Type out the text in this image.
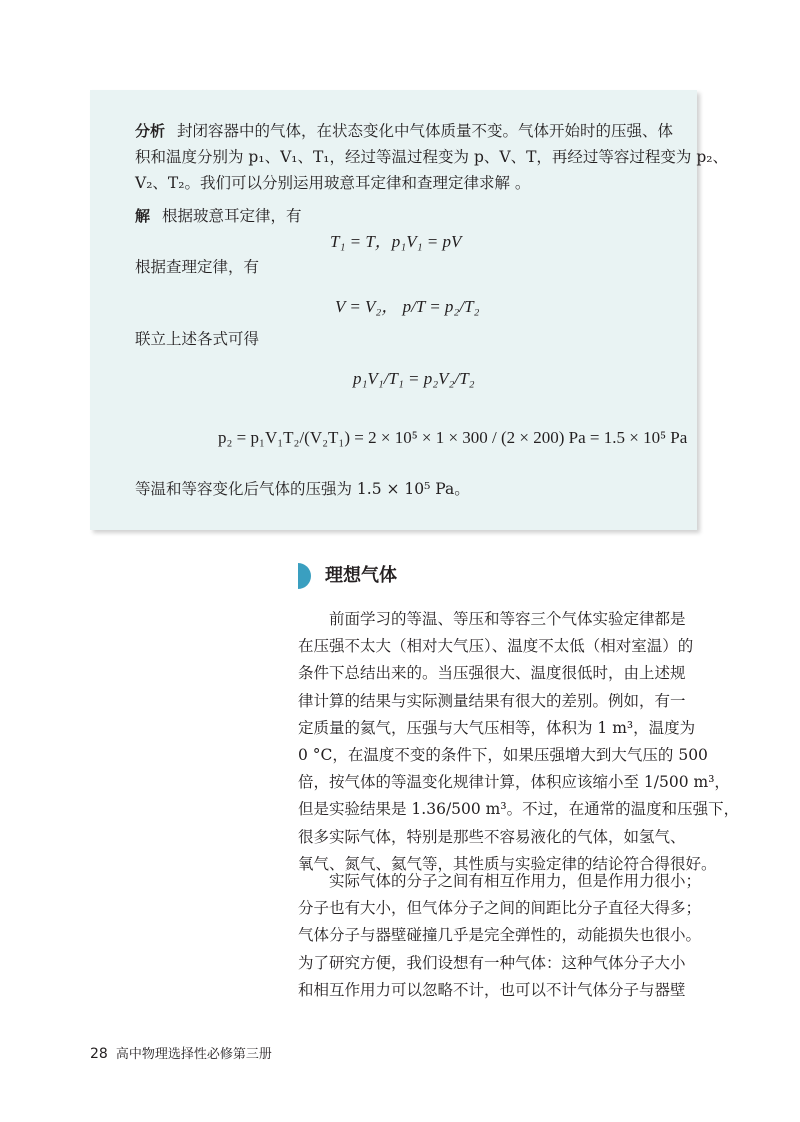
分析 封闭容器中的气体，在状态变化中气体质量不变。气体开始时的压强、体
积和温度分别为 p₁、V₁、T₁，经过等温过程变为 p、V、T，再经过等容过程变为 p₂、
V₂、T₂。我们可以分别运用玻意耳定律和查理定律求解 。
解 根据玻意耳定律，有
T₁ = T，p₁V₁ = pV
根据查理定律，有
V = V₂， p/T = p₂/T₂
联立上述各式可得
p₁V₁/T₁ = p₂V₂/T₂
p₂ = p₁V₁T₂/(V₂T₁) = 2 × 10⁵ × 1 × 300 / (2 × 200) Pa = 1.5 × 10⁵ Pa
等温和等容变化后气体的压强为 1.5 × 10⁵ Pa。
理想气体
前面学习的等温、等压和等容三个气体实验定律都是
在压强不太大（相对大气压）、温度不太低（相对室温）的
条件下总结出来的。当压强很大、温度很低时，由上述规
律计算的结果与实际测量结果有很大的差别。例如，有一
定质量的氦气，压强与大气压相等，体积为 1 m³，温度为
0 °C，在温度不变的条件下，如果压强增大到大气压的 500
倍，按气体的等温变化规律计算，体积应该缩小至 1/500 m³，
但是实验结果是 1.36/500 m³。不过，在通常的温度和压强下，
很多实际气体，特别是那些不容易液化的气体，如氢气、
氧气、氮气、氦气等，其性质与实验定律的结论符合得很好。
实际气体的分子之间有相互作用力，但是作用力很小；
分子也有大小，但气体分子之间的间距比分子直径大得多；
气体分子与器壁碰撞几乎是完全弹性的，动能损失也很小。
为了研究方便，我们设想有一种气体：这种气体分子大小
和相互作用力可以忽略不计，也可以不计气体分子与器壁
28 高中物理选择性必修第三册
